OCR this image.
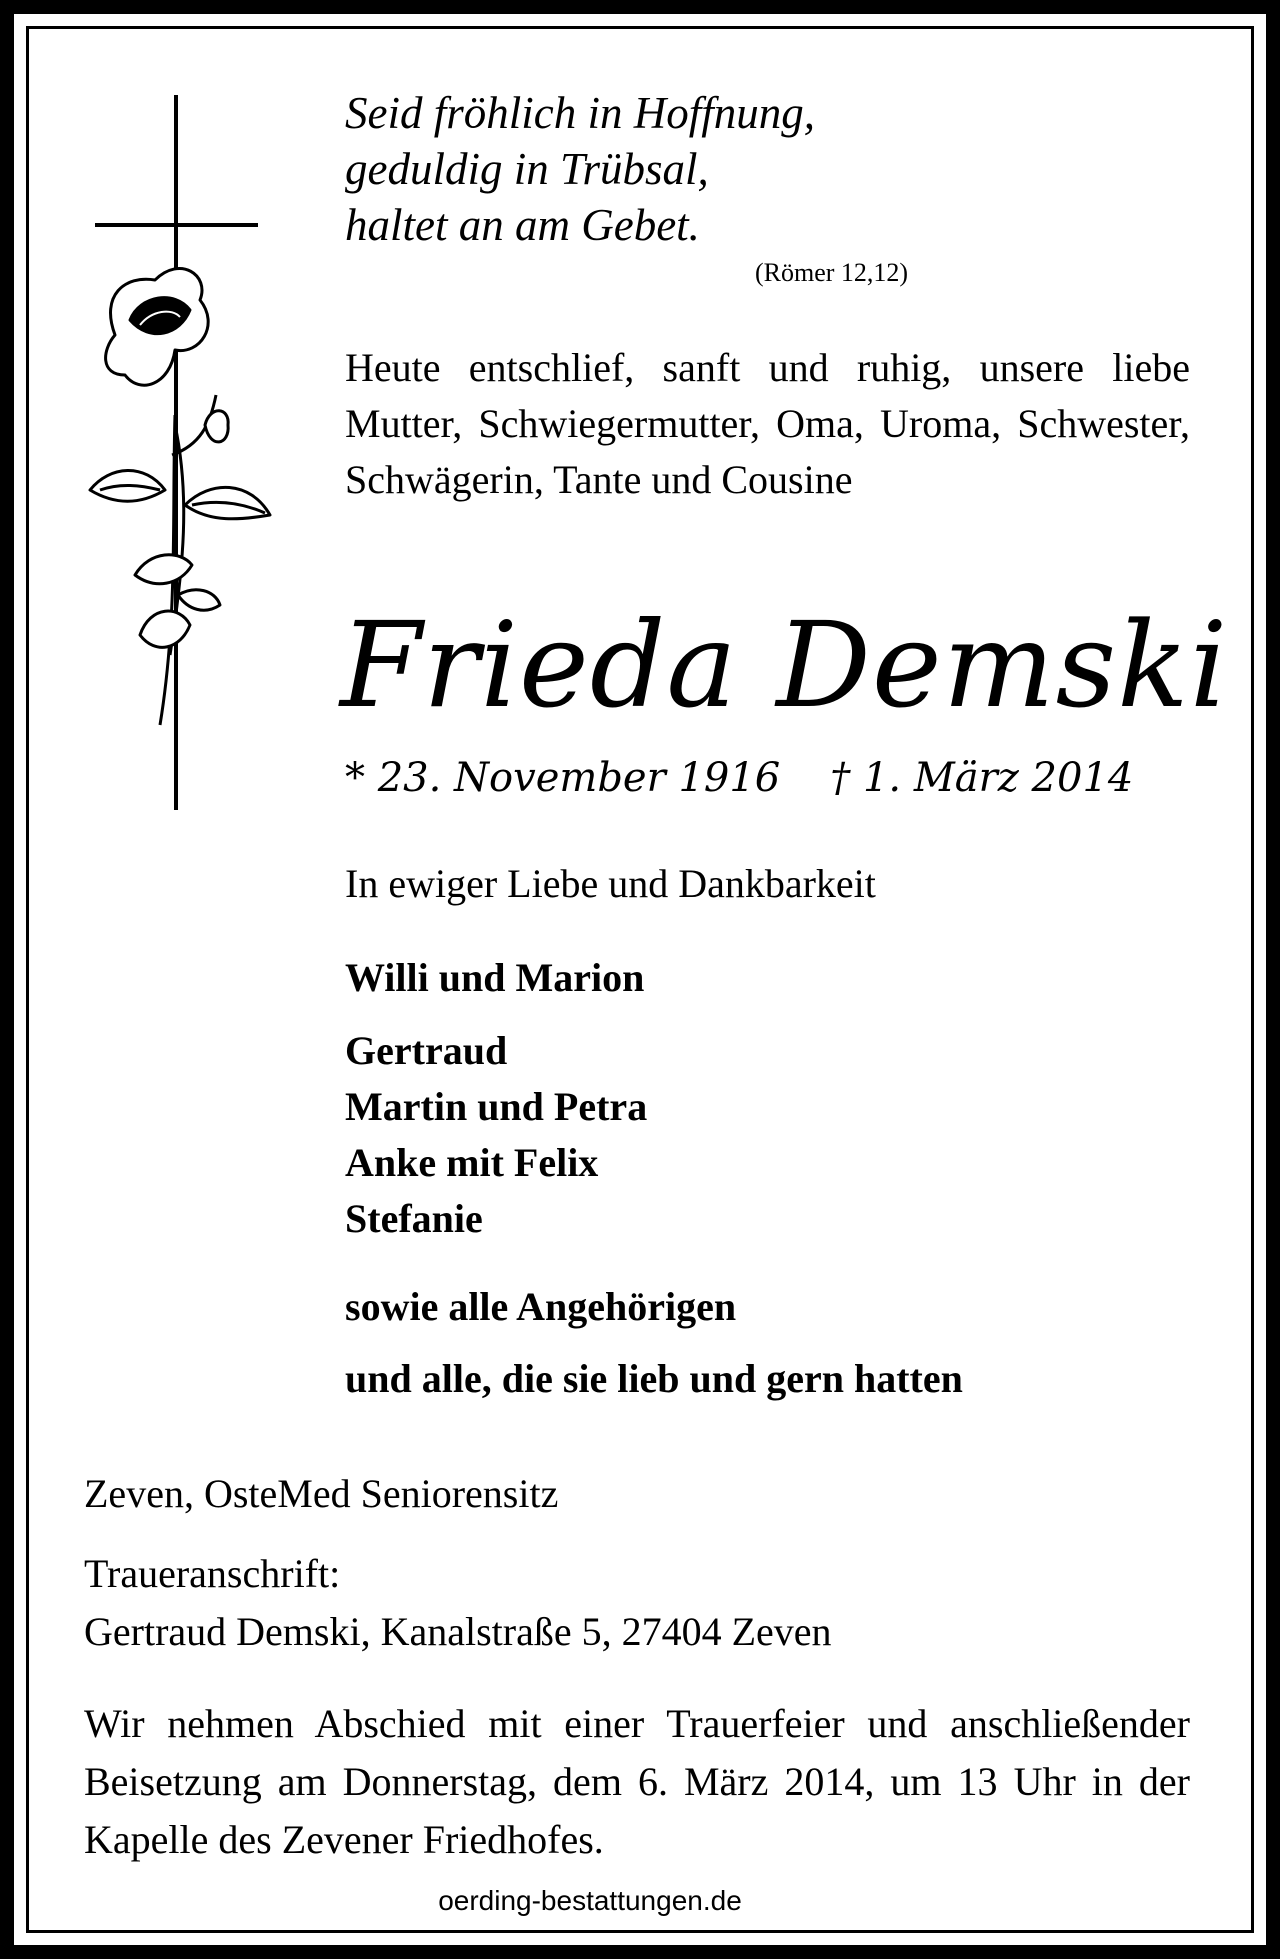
Seid fröhlich in Hoffnung,
geduldig in Trübsal,
haltet an am Gebet.
(Römer 12,12)
Heute entschlief, sanft und ruhig, unsere liebe Mutter, Schwiegermutter, Oma, Uroma, Schwester, Schwägerin, Tante und Cousine
Frieda Demski
* 23. November 1916 † 1. März 2014
In ewiger Liebe und Dankbarkeit
Willi und Marion
Gertraud
Martin und Petra
Anke mit Felix
Stefanie
sowie alle Angehörigen
und alle, die sie lieb und gern hatten
Zeven, OsteMed Seniorensitz
Traueranschrift:
Gertraud Demski, Kanalstraße 5, 27404 Zeven
Wir nehmen Abschied mit einer Trauerfeier und anschließender Beisetzung am Donnerstag, dem 6. März 2014, um 13 Uhr in der Kapelle des Zevener Friedhofes.
oerding-bestattungen.de
